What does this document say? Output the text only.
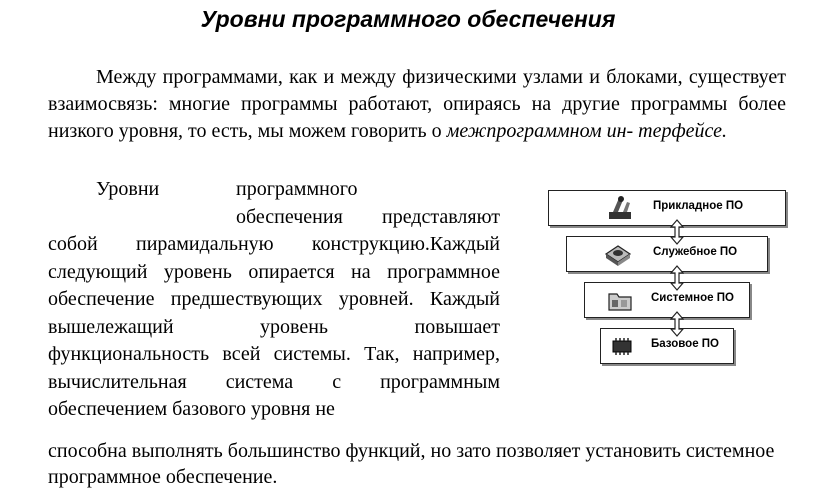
Уровни программного обеспечения

Между программами, как и между физическими узлами и блоками, существует взаимосвязь: многие программы работают, опираясь на другие программы более низкого уровня, то есть, мы можем говорить о межпрограммном ин- терфейсе.

Уровни	программного
обеспечения представляют собой пирамидальную конструкцию.Каждый следующий уровень опирается на программное обеспечение предшествующих уровней. Каждый вышележащий уровень повышает функциональность всей системы. Так, например, вычислительная система с программным обеспечением базового уровня не

способна выполнять большинство функций, но зато позволяет установить системное программное обеспечение.

Прикладное ПО
Служебное ПО
Системное ПО
Базовое ПО
